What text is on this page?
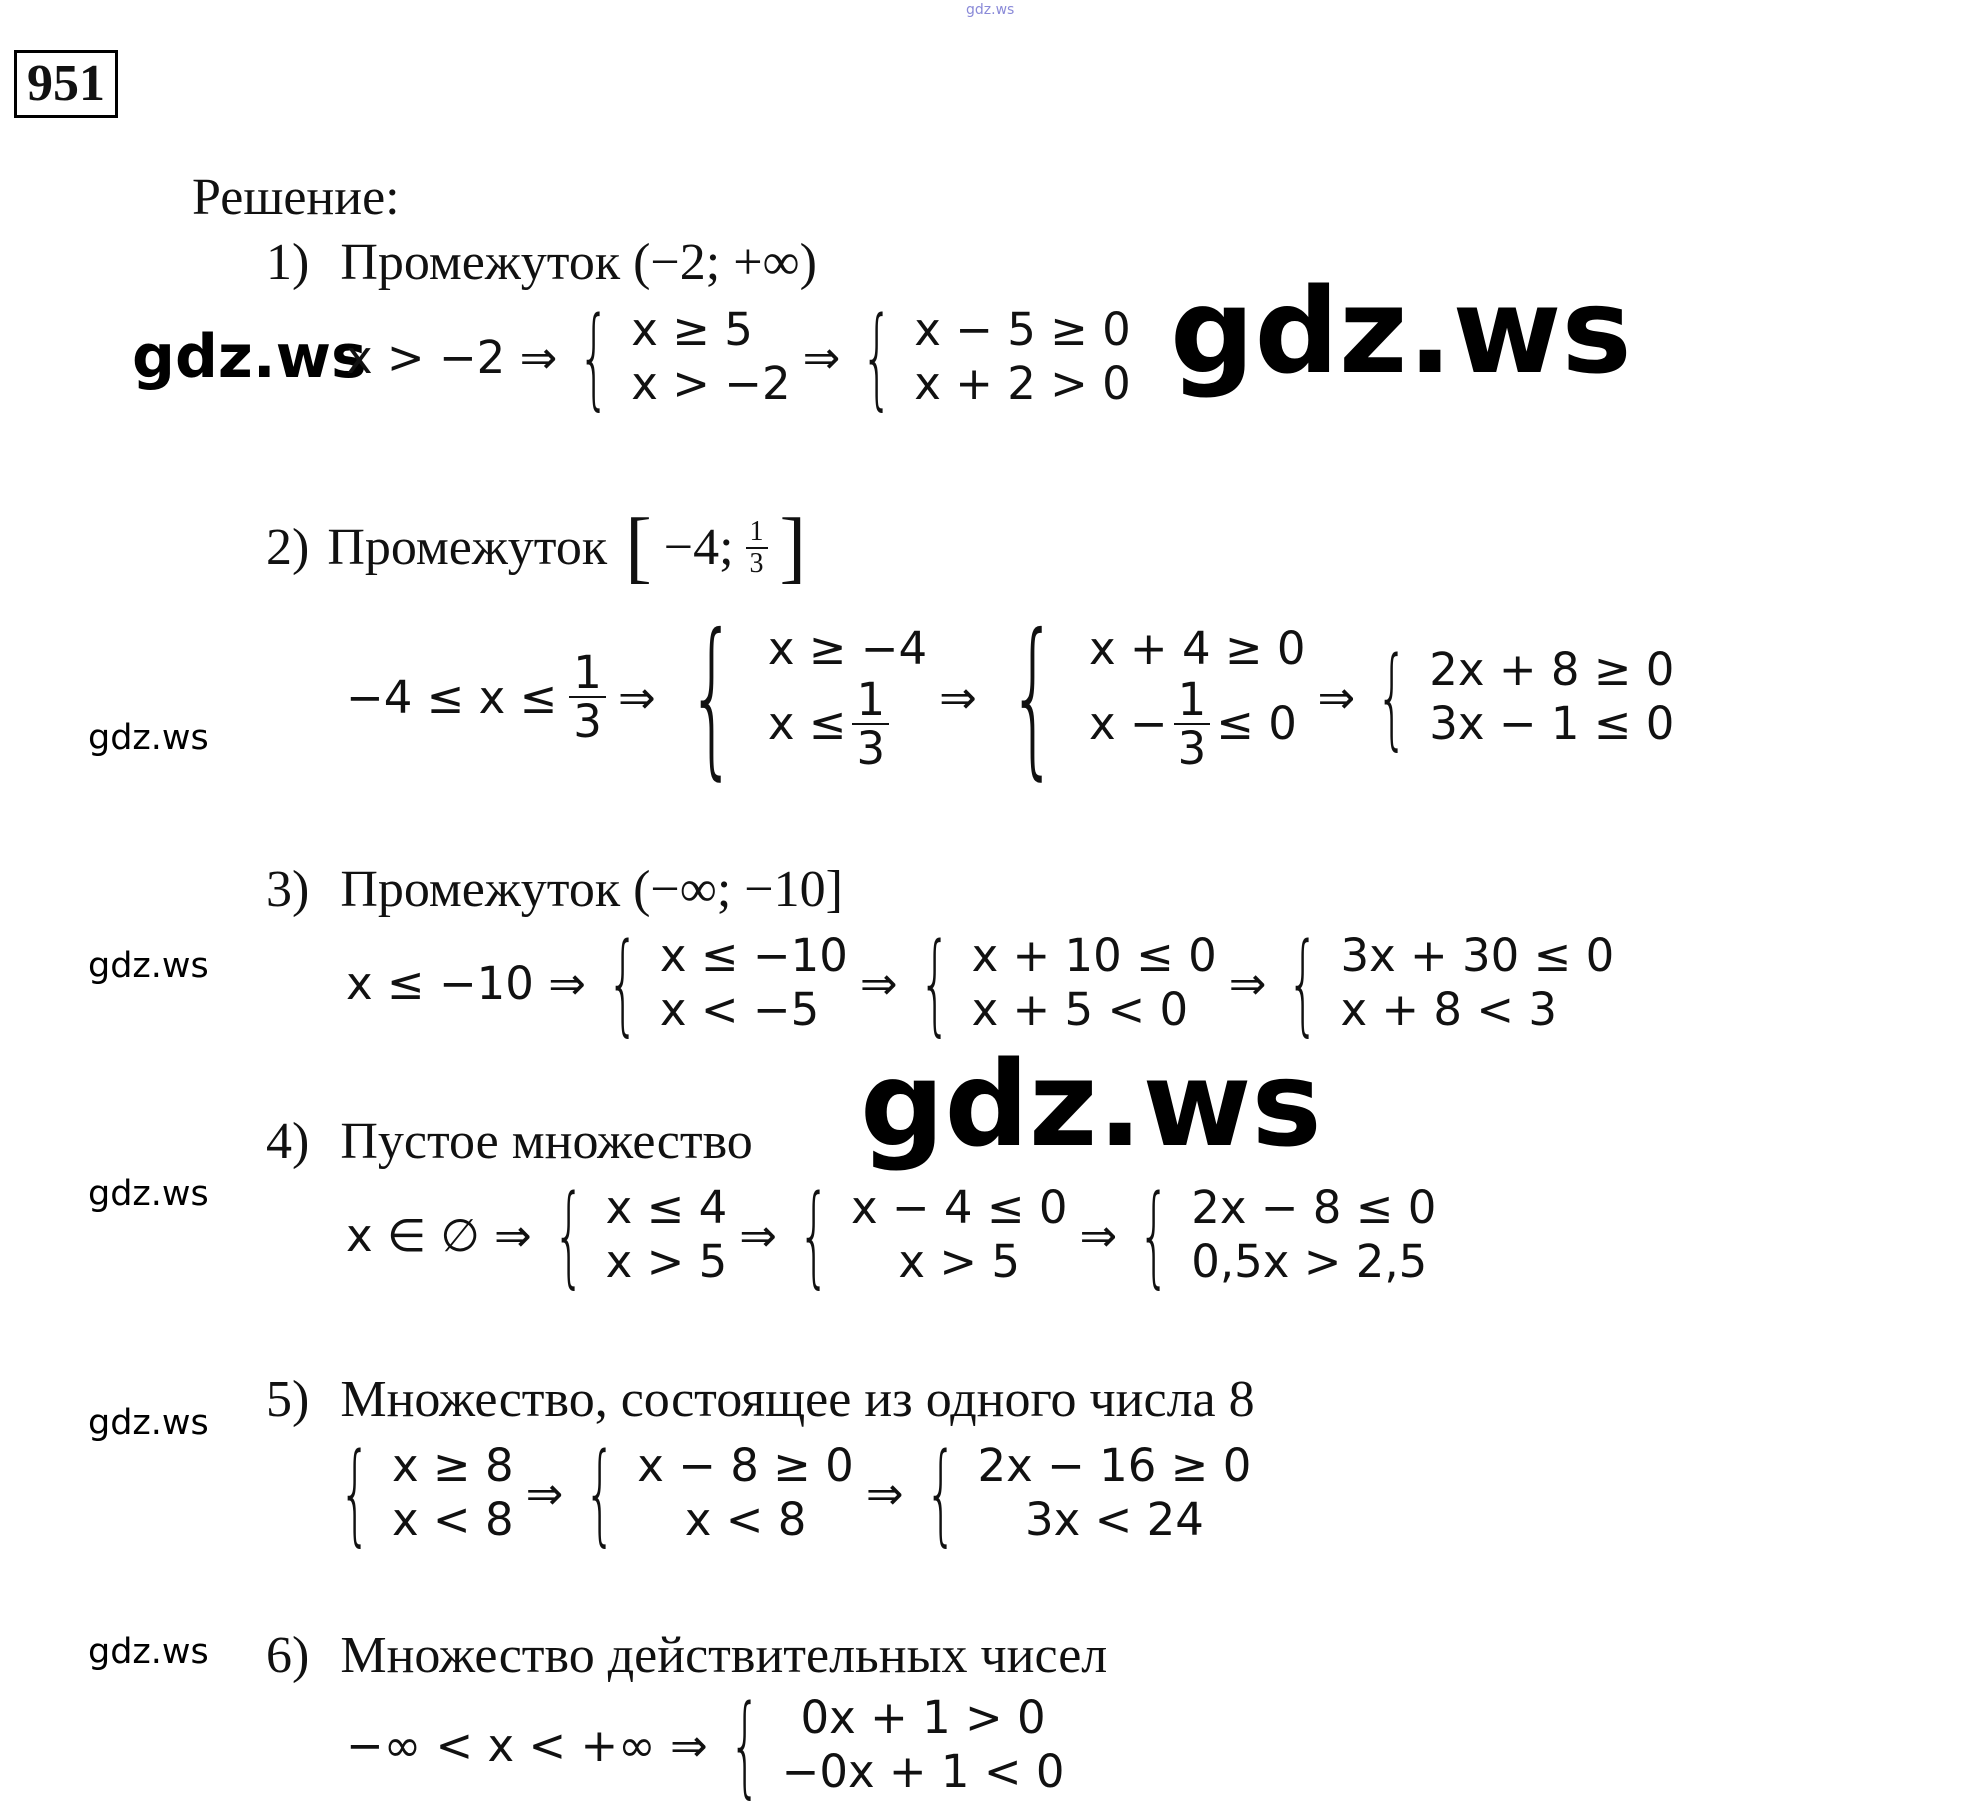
gdz.ws
951
Решение:
1) Промежуток (−2; +∞)
gdz.ws
x > −2 ⇒ { x ≥ 5
x > −2 ⇒ { x − 5 ≥ 0
x + 2 > 0 gdz.ws
2) Промежуток [ −4; $\frac{1}{3}$ ]
gdz.ws
$-4 \le x \le \frac{1}{3}$ ⇒ { x ≥ −4
$x \le \frac{1}{3}$ ⇒ { x + 4 ≥ 0
$x - \frac{1}{3} \le 0$ ⇒ { 2x + 8 ≥ 0
3x − 1 ≤ 0
3) Промежуток (−∞; −10]
gdz.ws	x ≤ −10 ⇒ { x ≤ −10
x < −5 ⇒ { x + 10 ≤ 0
x + 5 < 0 ⇒ { 3x + 30 ≤ 0
x + 8 < 3
gdz.ws
4) Пустое множество
gdz.ws
x ∈ ∅ ⇒ { x ≤ 4
x > 5 ⇒ { x − 4 ≤ 0
x > 5	⇒ { 2x − 8 ≤ 0
0,5x > 2,5
5) Множество, состоящее из одного числа 8
gdz.ws
{ x ≥ 8
x < 8 ⇒ { x − 8 ≥ 0
x < 8	⇒ { 2x − 16 ≥ 0
3x < 24
6) Множество действительных чисел
gdz.ws
−∞ < x < +∞ ⇒ { 0x + 1 > 0
−0x + 1 < 0
